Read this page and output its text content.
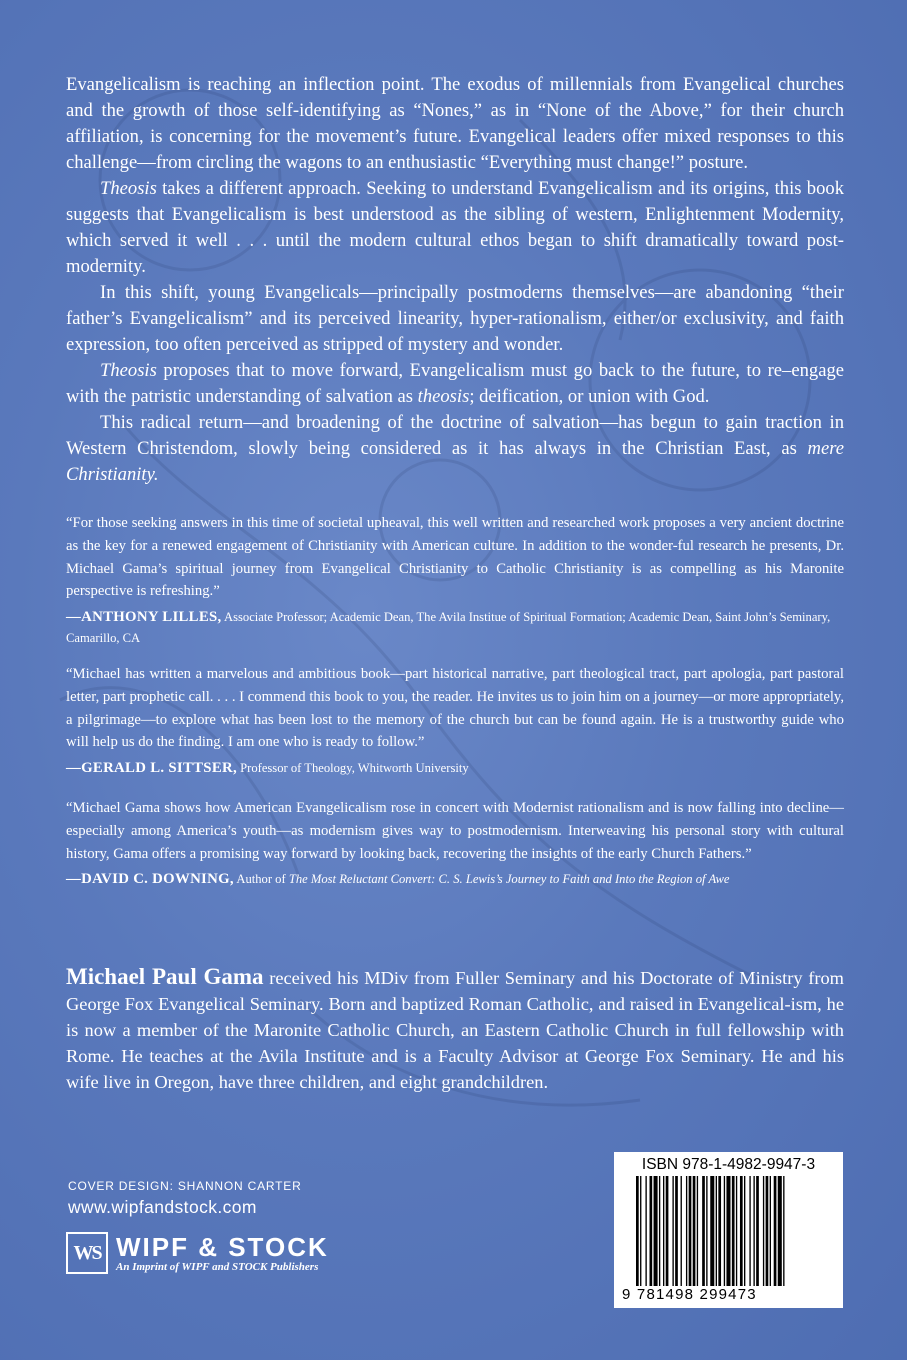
Evangelicalism is reaching an inflection point. The exodus of millennials from Evangelical churches and the growth of those self-identifying as “Nones,” as in “None of the Above,” for their church affiliation, is concerning for the movement’s future. Evangelical leaders offer mixed responses to this challenge—from circling the wagons to an enthusiastic “Everything must change!” posture.

Theosis takes a different approach. Seeking to understand Evangelicalism and its origins, this book suggests that Evangelicalism is best understood as the sibling of western, Enlightenment Modernity, which served it well . . . until the modern cultural ethos began to shift dramatically toward post-modernity.

In this shift, young Evangelicals—principally postmoderns themselves—are abandoning “their father’s Evangelicalism” and its perceived linearity, hyper-rationalism, either/or exclusivity, and faith expression, too often perceived as stripped of mystery and wonder.

Theosis proposes that to move forward, Evangelicalism must go back to the future, to re–engage with the patristic understanding of salvation as theosis; deification, or union with God.

This radical return—and broadening of the doctrine of salvation—has begun to gain traction in Western Christendom, slowly being considered as it has always in the Christian East, as mere Christianity.

“For those seeking answers in this time of societal upheaval, this well written and researched work proposes a very ancient doctrine as the key for a renewed engagement of Christianity with American culture. In addition to the wonder-ful research he presents, Dr. Michael Gama’s spiritual journey from Evangelical Christianity to Catholic Christianity is as compelling as his Maronite perspective is refreshing.”

—ANTHONY LILLES, Associate Professor; Academic Dean, The Avila Institue of Spiritual Formation; Academic Dean, Saint John’s Seminary, Camarillo, CA

“Michael has written a marvelous and ambitious book—part historical narrative, part theological tract, part apologia, part pastoral letter, part prophetic call. . . . I commend this book to you, the reader. He invites us to join him on a journey—or more appropriately, a pilgrimage—to explore what has been lost to the memory of the church but can be found again. He is a trustworthy guide who will help us do the finding. I am one who is ready to follow.”

—GERALD L. SITTSER, Professor of Theology, Whitworth University

“Michael Gama shows how American Evangelicalism rose in concert with Modernist rationalism and is now falling into decline—especially among America’s youth—as modernism gives way to postmodernism. Interweaving his personal story with cultural history, Gama offers a promising way forward by looking back, recovering the insights of the early Church Fathers.”

—DAVID C. DOWNING, Author of The Most Reluctant Convert: C. S. Lewis’s Journey to Faith and Into the Region of Awe

Michael Paul Gama received his MDiv from Fuller Seminary and his Doctorate of Ministry from George Fox Evangelical Seminary. Born and baptized Roman Catholic, and raised in Evangelical-ism, he is now a member of the Maronite Catholic Church, an Eastern Catholic Church in full fellowship with Rome. He teaches at the Avila Institute and is a Faculty Advisor at George Fox Seminary. He and his wife live in Oregon, have three children, and eight grandchildren.
COVER DESIGN: SHANNON CARTER
www.wipfandstock.com
WS WIPF & STOCK
An Imprint of WIPF and STOCK Publishers
ISBN 978-1-4982-9947-3
9 781498 299473
